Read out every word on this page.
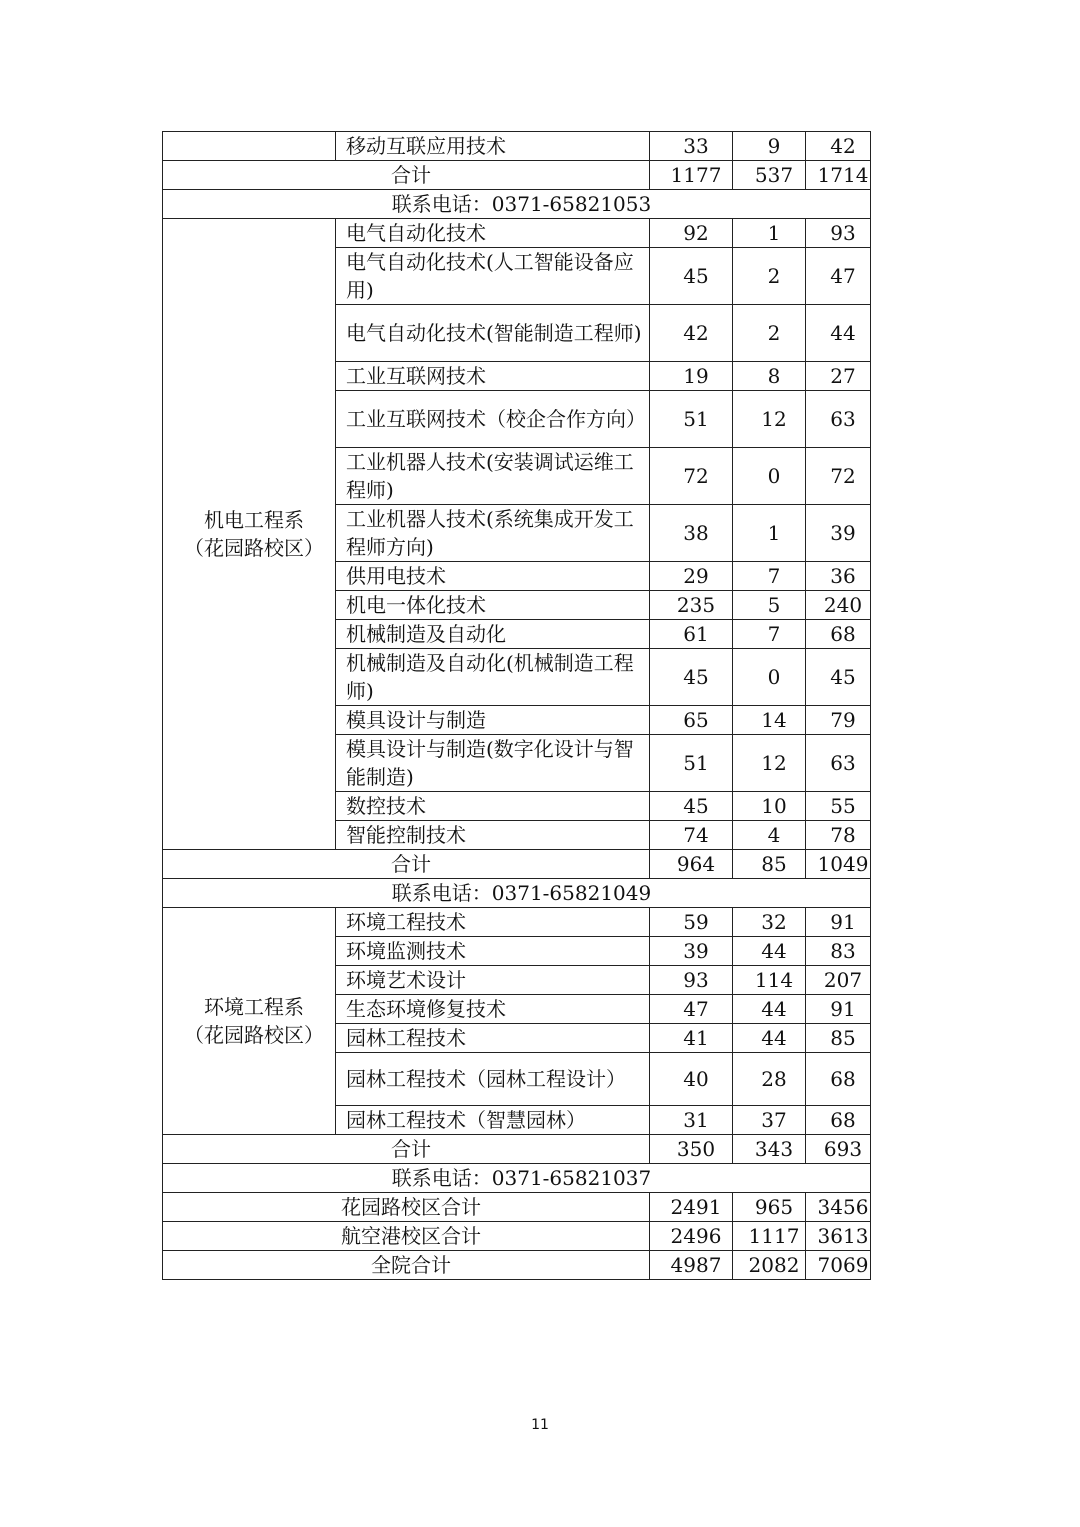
	移动互联应用技术	33	9	42
合计		1177	537	1714
联系电话：0371-65821053				

机电工程系
（花园路校区）	电气自动化技术	92	1	93
	电气自动化技术(人工智能设备应用)	45	2	47
	电气自动化技术(智能制造工程师)	42	2	44
	工业互联网技术	19	8	27
	工业互联网技术（校企合作方向）	51	12	63
	工业机器人技术(安装调试运维工程师)	72	0	72
	工业机器人技术(系统集成开发工程师方向)	38	1	39
	供用电技术	29	7	36
	机电一体化技术	235	5	240
	机械制造及自动化	61	7	68
	机械制造及自动化(机械制造工程师)	45	0	45
	模具设计与制造	65	14	79
	模具设计与制造(数字化设计与智能制造)	51	12	63
	数控技术	45	10	55
	智能控制技术	74	4	78
合计		964	85	1049
联系电话：0371-65821049				

环境工程系
（花园路校区）	环境工程技术	59	32	91
	环境监测技术	39	44	83
	环境艺术设计	93	114	207
	生态环境修复技术	47	44	91
	园林工程技术	41	44	85
	园林工程技术（园林工程设计）	40	28	68
	园林工程技术（智慧园林）	31	37	68
合计		350	343	693
联系电话：0371-65821037				
花园路校区合计		2491	965	3456
航空港校区合计		2496	1117	3613
全院合计		4987	2082	7069
11
